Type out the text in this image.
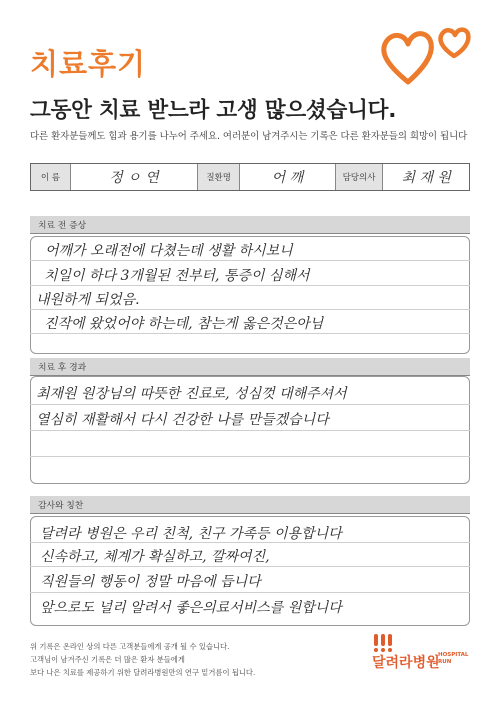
치료후기
그동안 치료 받느라 고생 많으셨습니다.
다른 환자분들께도 힘과 용기를 나누어 주세요. 여러분이 남겨주시는 기록은 다른 환자분들의 희망이 됩니다
이 름	정 ㅇ 연	질환명	어 깨	담당의사	최 재 원
치료 전 증상
어깨가 오래전에 다쳤는데 생활 하시보니
치일이 하다 3개월된 전부터, 통증이 심해서
내원하게 되었음.
진작에 왔었어야 하는데, 참는게 옳은것은아님
치료 후 경과
최재원 원장님의 따뜻한 진료로, 성심껏 대해주셔서
열심히 재활해서 다시 건강한 나를 만들겠습니다
감사와 칭찬
달려라 병원은 우리 친척, 친구 가족등 이용합니다
신속하고, 체계가 확실하고, 깔짜여진,
직원들의 행동이 정말 마음에 듭니다
앞으로도 널리 알려서 좋은의료서비스를 원합니다
위 기록은 온라인 상의 다른 고객분들에게 공개 될 수 있습니다.
고객님이 남겨주신 기록은 더 많은 환자 분들에게
보다 나은 치료를 제공하기 위한 달려라병원만의 연구 밑거름이 됩니다.
달려라병원
HOSPITAL
RUN
